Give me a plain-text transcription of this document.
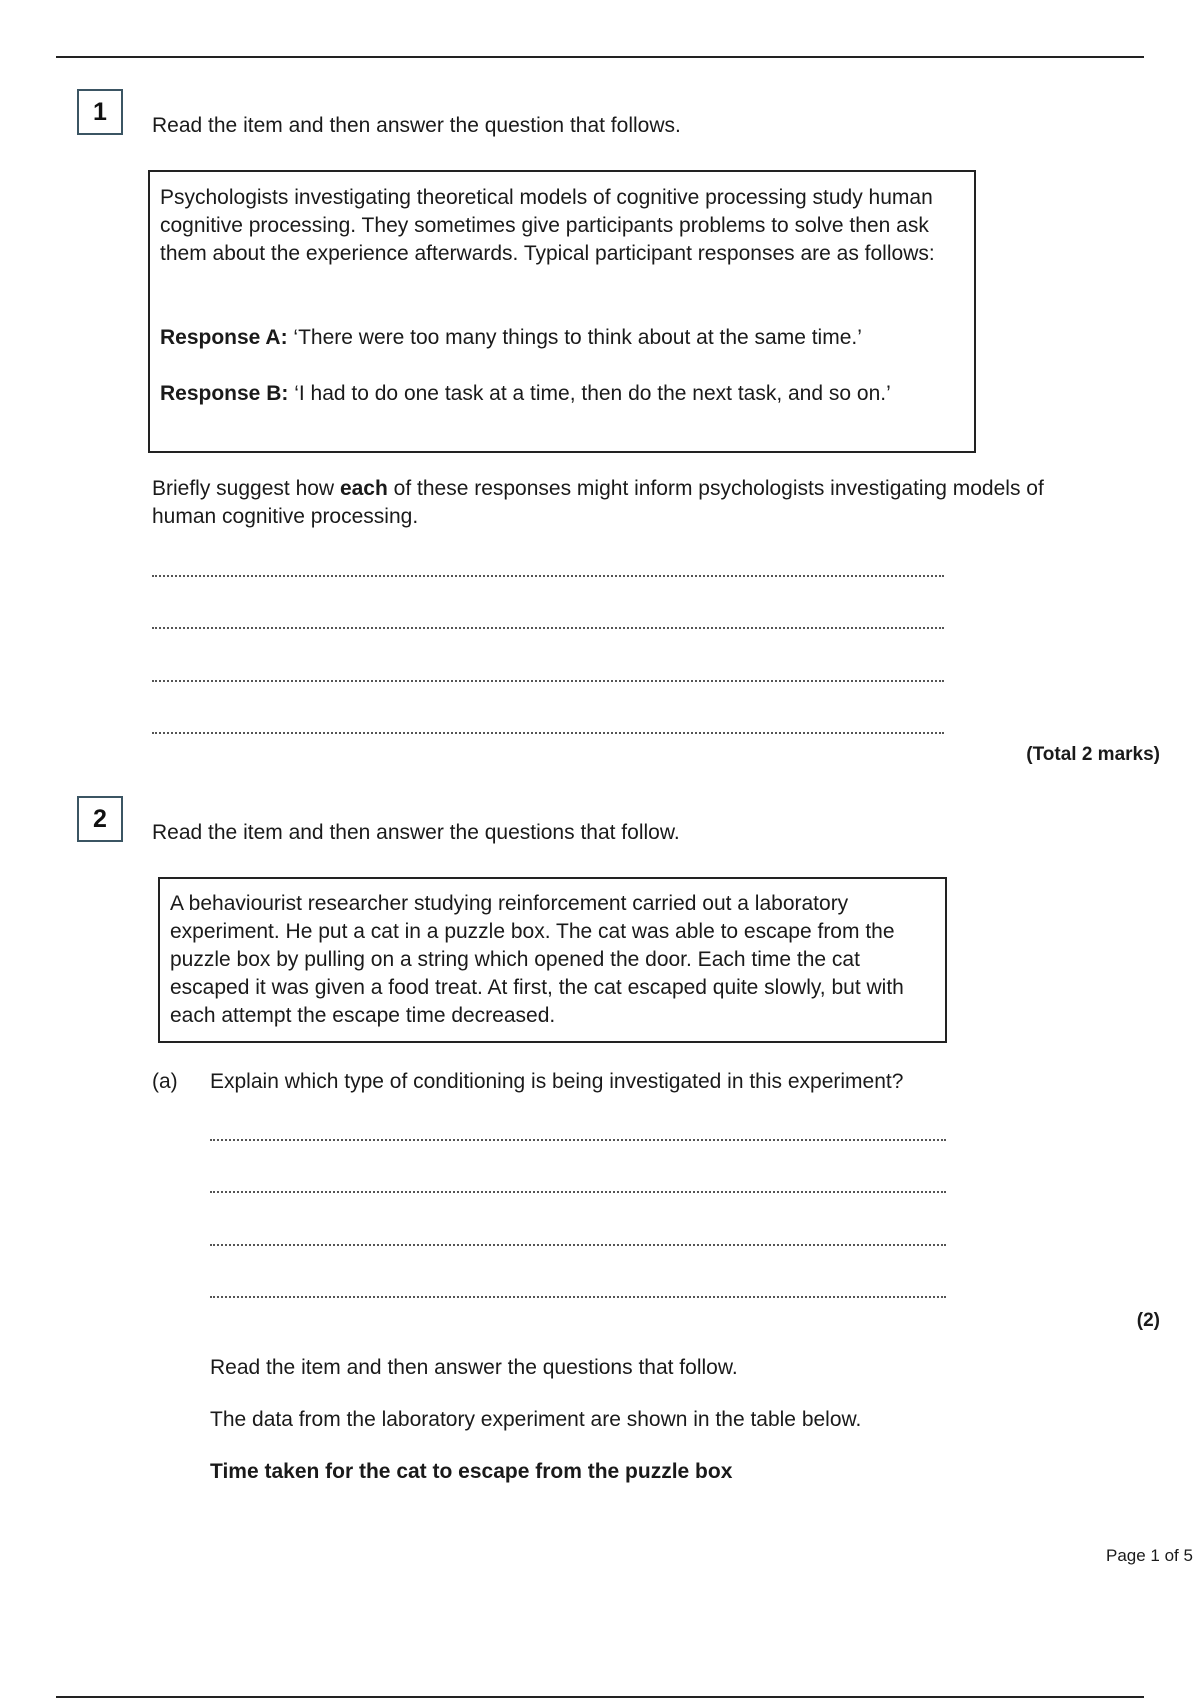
1	Read the item and then answer the question that follows.

Psychologists investigating theoretical models of cognitive processing study human cognitive processing. They sometimes give participants problems to solve then ask them about the experience afterwards. Typical participant responses are as follows:

Response A: ‘There were too many things to think about at the same time.’

Response B: ‘I had to do one task at a time, then do the next task, and so on.’

Briefly suggest how each of these responses might inform psychologists investigating models of
human cognitive processing.
(Total 2 marks)
2	Read the item and then answer the questions that follow.

A behaviourist researcher studying reinforcement carried out a laboratory experiment. He put a cat in a puzzle box. The cat was able to escape from the puzzle box by pulling on a string which opened the door. Each time the cat escaped it was given a food treat. At first, the cat escaped quite slowly, but with each attempt the escape time decreased.

(a) Explain which type of conditioning is being investigated in this experiment?
(2)
Read the item and then answer the questions that follow.
The data from the laboratory experiment are shown in the table below.
Time taken for the cat to escape from the puzzle box
Page 1 of 5
